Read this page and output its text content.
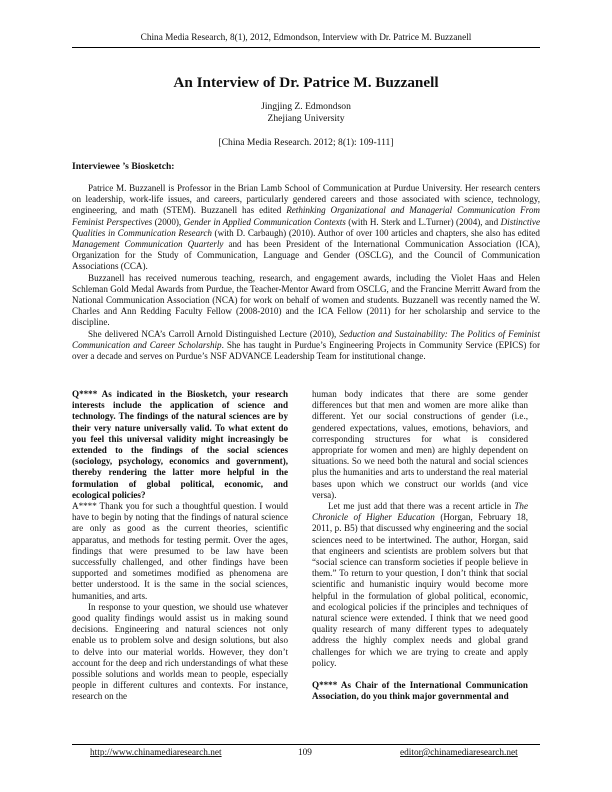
China Media Research, 8(1), 2012, Edmondson, Interview with Dr. Patrice M. Buzzanell
An Interview of Dr. Patrice M. Buzzanell
Jingjing Z. Edmondson
Zhejiang University
[China Media Research. 2012; 8(1): 109-111]
Interviewee ’s Biosketch:

Patrice M. Buzzanell is Professor in the Brian Lamb School of Communication at Purdue University. Her research centers on leadership, work-life issues, and careers, particularly gendered careers and those associated with science, technology, engineering, and math (STEM). Buzzanell has edited Rethinking Organizational and Managerial Communication From Feminist Perspectives (2000), Gender in Applied Communication Contexts (with H. Sterk and L.Turner) (2004), and Distinctive Qualities in Communication Research (with D. Carbaugh) (2010). Author of over 100 articles and chapters, she also has edited Management Communication Quarterly and has been President of the International Communication Association (ICA), Organization for the Study of Communication, Language and Gender (OSCLG), and the Council of Communication Associations (CCA).

Buzzanell has received numerous teaching, research, and engagement awards, including the Violet Haas and Helen Schleman Gold Medal Awards from Purdue, the Teacher-Mentor Award from OSCLG, and the Francine Merritt Award from the National Communication Association (NCA) for work on behalf of women and students. Buzzanell was recently named the W. Charles and Ann Redding Faculty Fellow (2008-2010) and the ICA Fellow (2011) for her scholarship and service to the discipline.

She delivered NCA’s Carroll Arnold Distinguished Lecture (2010), Seduction and Sustainability: The Politics of Feminist Communication and Career Scholarship. She has taught in Purdue’s Engineering Projects in Community Service (EPICS) for over a decade and serves on Purdue’s NSF ADVANCE Leadership Team for institutional change.

Q**** As indicated in the Biosketch, your research interests include the application of science and technology. The findings of the natural sciences are by their very nature universally valid. To what extent do you feel this universal validity might increasingly be extended to the findings of the social sciences (sociology, psychology, economics and government), thereby rendering the latter more helpful in the formulation of global political, economic, and ecological policies?

A**** Thank you for such a thoughtful question. I would have to begin by noting that the findings of natural science are only as good as the current theories, scientific apparatus, and methods for testing permit. Over the ages, findings that were presumed to be law have been successfully challenged, and other findings have been supported and sometimes modified as phenomena are better understood. It is the same in the social sciences, humanities, and arts.

In response to your question, we should use whatever good quality findings would assist us in making sound decisions. Engineering and natural sciences not only enable us to problem solve and design solutions, but also to delve into our material worlds. However, they don’t account for the deep and rich understandings of what these possible solutions and worlds mean to people, especially people in different cultures and contexts. For instance, research on the

human body indicates that there are some gender differences but that men and women are more alike than different. Yet our social constructions of gender (i.e., gendered expectations, values, emotions, behaviors, and corresponding structures for what is considered appropriate for women and men) are highly dependent on situations. So we need both the natural and social sciences plus the humanities and arts to understand the real material bases upon which we construct our worlds (and vice versa).

Let me just add that there was a recent article in The Chronicle of Higher Education (Horgan, February 18, 2011, p. B5) that discussed why engineering and the social sciences need to be intertwined. The author, Horgan, said that engineers and scientists are problem solvers but that “social science can transform societies if people believe in them.” To return to your question, I don’t think that social scientific and humanistic inquiry would become more helpful in the formulation of global political, economic, and ecological policies if the principles and techniques of natural science were extended. I think that we need good quality research of many different types to adequately address the highly complex needs and global grand challenges for which we are trying to create and apply policy.

Q**** As Chair of the International Communication Association, do you think major governmental and

http://www.chinamediaresearch.net	109	editor@chinamediaresearch.net
